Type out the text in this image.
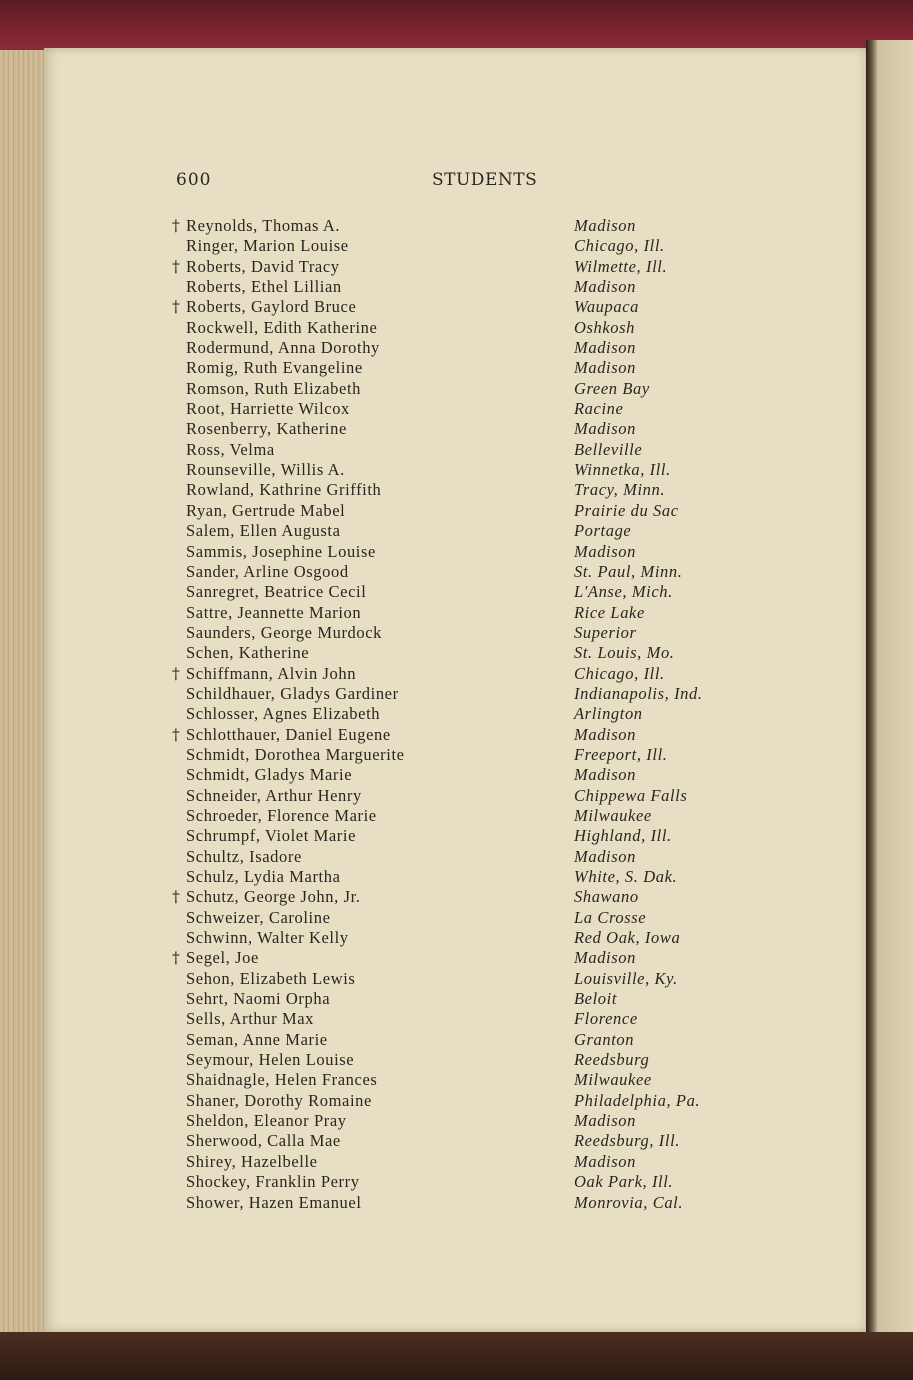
600	STUDENTS
† Reynolds, Thomas A.	Madison
Ringer, Marion Louise	Chicago, Ill.
† Roberts, David Tracy	Wilmette, Ill.
Roberts, Ethel Lillian	Madison
† Roberts, Gaylord Bruce	Waupaca
Rockwell, Edith Katherine	Oshkosh
Rodermund, Anna Dorothy	Madison
Romig, Ruth Evangeline	Madison
Romson, Ruth Elizabeth	Green Bay
Root, Harriette Wilcox	Racine
Rosenberry, Katherine	Madison
Ross, Velma	Belleville
Rounseville, Willis A.	Winnetka, Ill.
Rowland, Kathrine Griffith	Tracy, Minn.
Ryan, Gertrude Mabel	Prairie du Sac
Salem, Ellen Augusta	Portage
Sammis, Josephine Louise	Madison
Sander, Arline Osgood	St. Paul, Minn.
Sanregret, Beatrice Cecil	L'Anse, Mich.
Sattre, Jeannette Marion	Rice Lake
Saunders, George Murdock	Superior
Schen, Katherine	St. Louis, Mo.
† Schiffmann, Alvin John	Chicago, Ill.
Schildhauer, Gladys Gardiner	Indianapolis, Ind.
Schlosser, Agnes Elizabeth	Arlington
† Schlotthauer, Daniel Eugene	Madison
Schmidt, Dorothea Marguerite	Freeport, Ill.
Schmidt, Gladys Marie	Madison
Schneider, Arthur Henry	Chippewa Falls
Schroeder, Florence Marie	Milwaukee
Schrumpf, Violet Marie	Highland, Ill.
Schultz, Isadore	Madison
Schulz, Lydia Martha	White, S. Dak.
† Schutz, George John, Jr.	Shawano
Schweizer, Caroline	La Crosse
Schwinn, Walter Kelly	Red Oak, Iowa
† Segel, Joe	Madison
Sehon, Elizabeth Lewis	Louisville, Ky.
Sehrt, Naomi Orpha	Beloit
Sells, Arthur Max	Florence
Seman, Anne Marie	Granton
Seymour, Helen Louise	Reedsburg
Shaidnagle, Helen Frances	Milwaukee
Shaner, Dorothy Romaine	Philadelphia, Pa.
Sheldon, Eleanor Pray	Madison
Sherwood, Calla Mae	Reedsburg, Ill.
Shirey, Hazelbelle	Madison
Shockey, Franklin Perry	Oak Park, Ill.
Shower, Hazen Emanuel	Monrovia, Cal.
